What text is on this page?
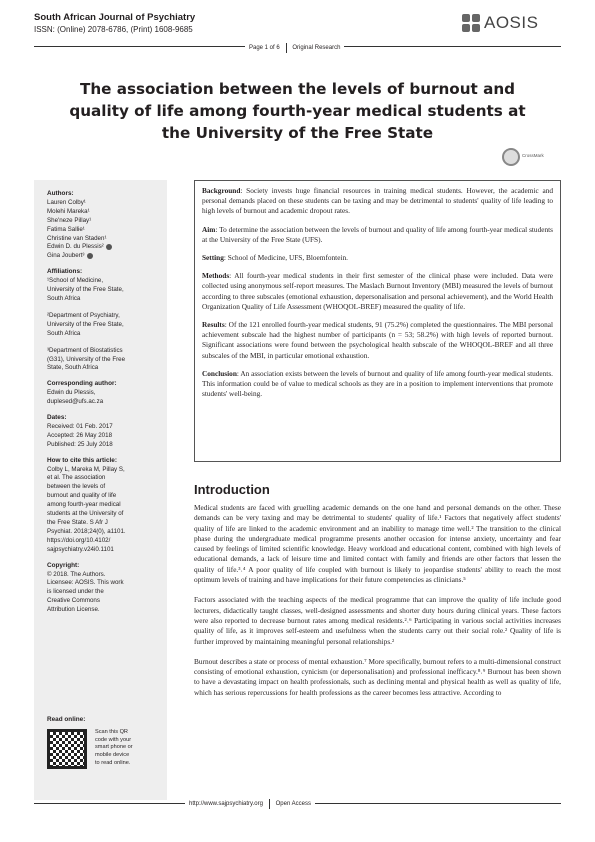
South African Journal of Psychiatry
ISSN: (Online) 2078-6786, (Print) 1608-9685	AOSIS
Page 1 of 6 Original Research
The association between the levels of burnout and quality of life among fourth-year medical students at the University of the Free State
CrossMark
Authors:
Lauren Colby¹
Molehi Mareka¹
She'neze Pillay¹
Fatima Sallie¹
Christine van Staden¹
Edwin D. du Plessis²
Gina Joubert³
Affiliations:
¹School of Medicine,
University of the Free State,
South Africa
²Department of Psychiatry,
University of the Free State,
South Africa
³Department of Biostatistics
(G31), University of the Free
State, South Africa
Corresponding author:
Edwin du Plessis,
duplesed@ufs.ac.za
Dates:
Received: 01 Feb. 2017
Accepted: 26 May 2018
Published: 25 July 2018
How to cite this article:
Colby L, Mareka M, Pillay S,
et al. The association
between the levels of
burnout and quality of life
among fourth-year medical
students at the University of
the Free State. S Afr J
Psychiat. 2018;24(0), a1101.
https://doi.org/10.4102/
sajpsychiatry.v24i0.1101
Copyright:
© 2018. The Authors.
Licensee: AOSIS. This work
is licensed under the
Creative Commons
Attribution License.
Read online:
Scan this QR
code with your
smart phone or
mobile device
to read online.

Background: Society invests huge financial resources in training medical students. However, the academic and personal demands placed on these students can be taxing and may be detrimental to students' quality of life leading to high levels of burnout and academic dropout rates.

Aim: To determine the association between the levels of burnout and quality of life among fourth-year medical students at the University of the Free State (UFS).

Setting: School of Medicine, UFS, Bloemfontein.

Methods: All fourth-year medical students in their first semester of the clinical phase were included. Data were collected using anonymous self-report measures. The Maslach Burnout Inventory (MBI) measured the levels of burnout according to three subscales (emotional exhaustion, depersonalisation and personal achievement), and the World Health Organization Quality of Life Assessment (WHOQOL-BREF) measured the quality of life.

Results: Of the 121 enrolled fourth-year medical students, 91 (75.2%) completed the questionnaires. The MBI personal achievement subscale had the highest number of participants (n = 53; 58.2%) with high levels of reported burnout. Significant associations were found between the psychological health subscale of the WHOQOL-BREF and all three subscales of the MBI, in particular emotional exhaustion.

Conclusion: An association exists between the levels of burnout and quality of life among fourth-year medical students. This information could be of value to medical schools as they are in a position to implement interventions that promote students' well-being.

Introduction

Medical students are faced with gruelling academic demands on the one hand and personal demands on the other. These demands can be very taxing and may be detrimental to students' quality of life.¹ Factors that negatively affect students' quality of life are linked to the academic environment and an inability to manage time well.² The transition to the clinical phase during the undergraduate medical programme presents another occasion for intense anxiety, uncertainty and fear caused by feelings of limited scientific knowledge. Heavy workload and educational content, combined with high levels of educational demands, a lack of leisure time and limited contact with family and friends are other factors that lessen the quality of life.³˒⁴ A poor quality of life coupled with burnout is likely to jeopardise students' ability to reach the most optimum levels of training and have implications for their future competencies as clinicians.⁵

Factors associated with the teaching aspects of the medical programme that can improve the quality of life include good lecturers, didactically taught classes, well-designed assessments and shorter duty hours during clinical years. These factors were also reported to decrease burnout rates among medical residents.²˒⁶ Participating in various social activities increases quality of life, as it improves self-esteem and usefulness when the students carry out their social role.² Quality of life is further improved by maintaining meaningful personal relationships.²

Burnout describes a state or process of mental exhaustion.⁷ More specifically, burnout refers to a multi-dimensional construct consisting of emotional exhaustion, cynicism (or depersonalisation) and professional inefficacy.⁸˒⁹ Burnout has been shown to have a devastating impact on health professionals, such as declining mental and physical health as well as quality of life, which has serious repercussions for health professions as the career becomes less attractive. According to

http://www.sajpsychiatry.org Open Access
